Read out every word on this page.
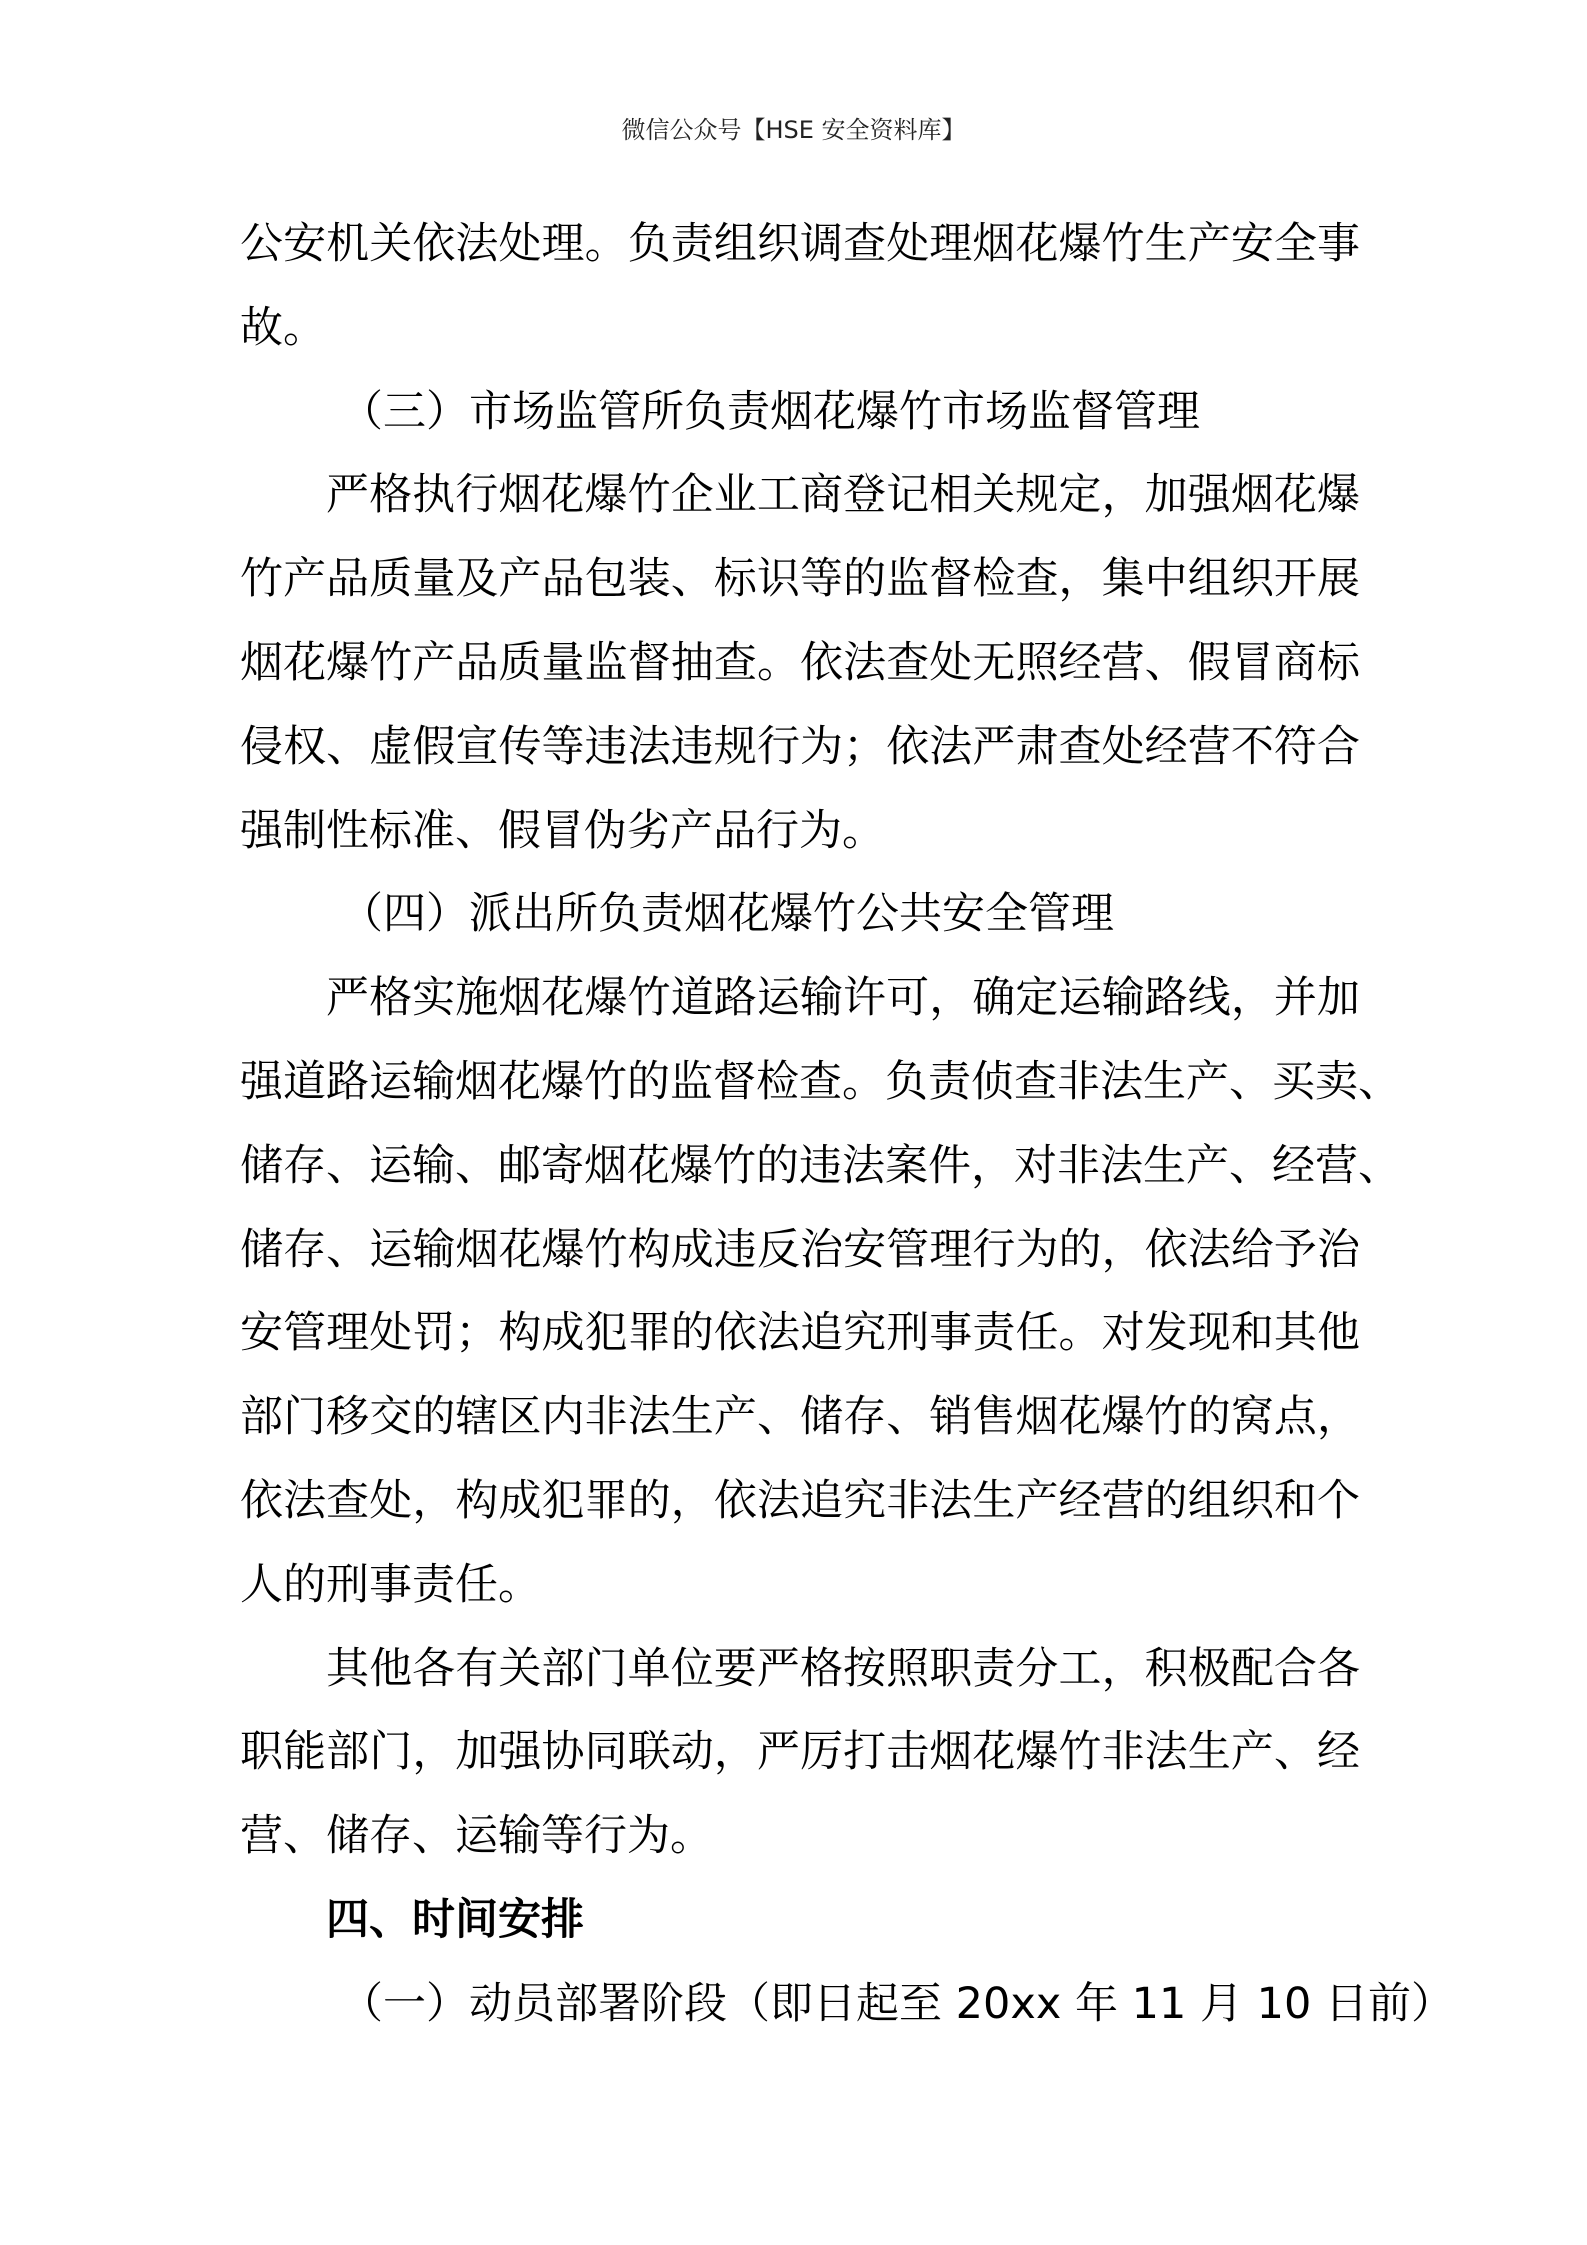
微信公众号【HSE 安全资料库】
公安机关依法处理。负责组织调查处理烟花爆竹生产安全事
故。
（三）市场监管所负责烟花爆竹市场监督管理
严格执行烟花爆竹企业工商登记相关规定，加强烟花爆
竹产品质量及产品包装、标识等的监督检查，集中组织开展
烟花爆竹产品质量监督抽查。依法查处无照经营、假冒商标
侵权、虚假宣传等违法违规行为；依法严肃查处经营不符合
强制性标准、假冒伪劣产品行为。
（四）派出所负责烟花爆竹公共安全管理
严格实施烟花爆竹道路运输许可，确定运输路线，并加
强道路运输烟花爆竹的监督检查。负责侦查非法生产、买卖、
储存、运输、邮寄烟花爆竹的违法案件，对非法生产、经营、
储存、运输烟花爆竹构成违反治安管理行为的，依法给予治
安管理处罚；构成犯罪的依法追究刑事责任。对发现和其他
部门移交的辖区内非法生产、储存、销售烟花爆竹的窝点，
依法查处，构成犯罪的，依法追究非法生产经营的组织和个
人的刑事责任。
其他各有关部门单位要严格按照职责分工，积极配合各
职能部门，加强协同联动，严厉打击烟花爆竹非法生产、经
营、储存、运输等行为。
四、时间安排
（一）动员部署阶段（即日起至 20xx 年 11 月 10 日前）
